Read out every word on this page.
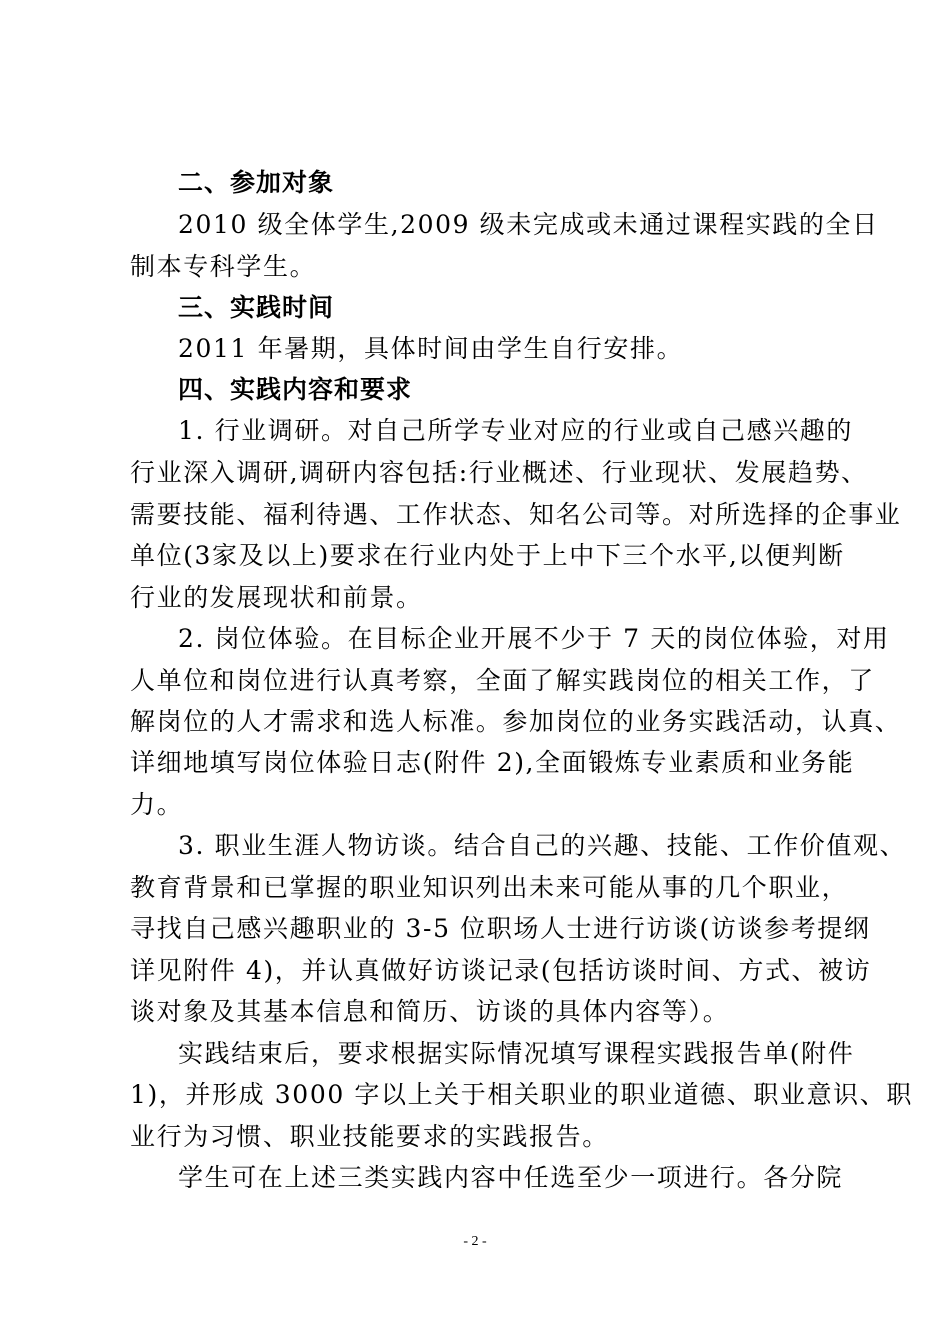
二、参加对象
2010 级全体学生,2009 级未完成或未通过课程实践的全日
制本专科学生。
三、实践时间
2011 年暑期，具体时间由学生自行安排。
四、实践内容和要求
1. 行业调研。对自己所学专业对应的行业或自己感兴趣的
行业深入调研,调研内容包括:行业概述、行业现状、发展趋势、
需要技能、福利待遇、工作状态、知名公司等。对所选择的企事业
单位(3家及以上)要求在行业内处于上中下三个水平,以便判断
行业的发展现状和前景。
2. 岗位体验。在目标企业开展不少于 7 天的岗位体验，对用
人单位和岗位进行认真考察，全面了解实践岗位的相关工作，了
解岗位的人才需求和选人标准。参加岗位的业务实践活动，认真、
详细地填写岗位体验日志(附件 2),全面锻炼专业素质和业务能
力。
3. 职业生涯人物访谈。结合自己的兴趣、技能、工作价值观、
教育背景和已掌握的职业知识列出未来可能从事的几个职业，
寻找自己感兴趣职业的 3-5 位职场人士进行访谈(访谈参考提纲
详见附件 4)，并认真做好访谈记录(包括访谈时间、方式、被访
谈对象及其基本信息和简历、访谈的具体内容等）。
实践结束后，要求根据实际情况填写课程实践报告单(附件
1)，并形成 3000 字以上关于相关职业的职业道德、职业意识、职
业行为习惯、职业技能要求的实践报告。
学生可在上述三类实践内容中任选至少一项进行。各分院
- 2 -
